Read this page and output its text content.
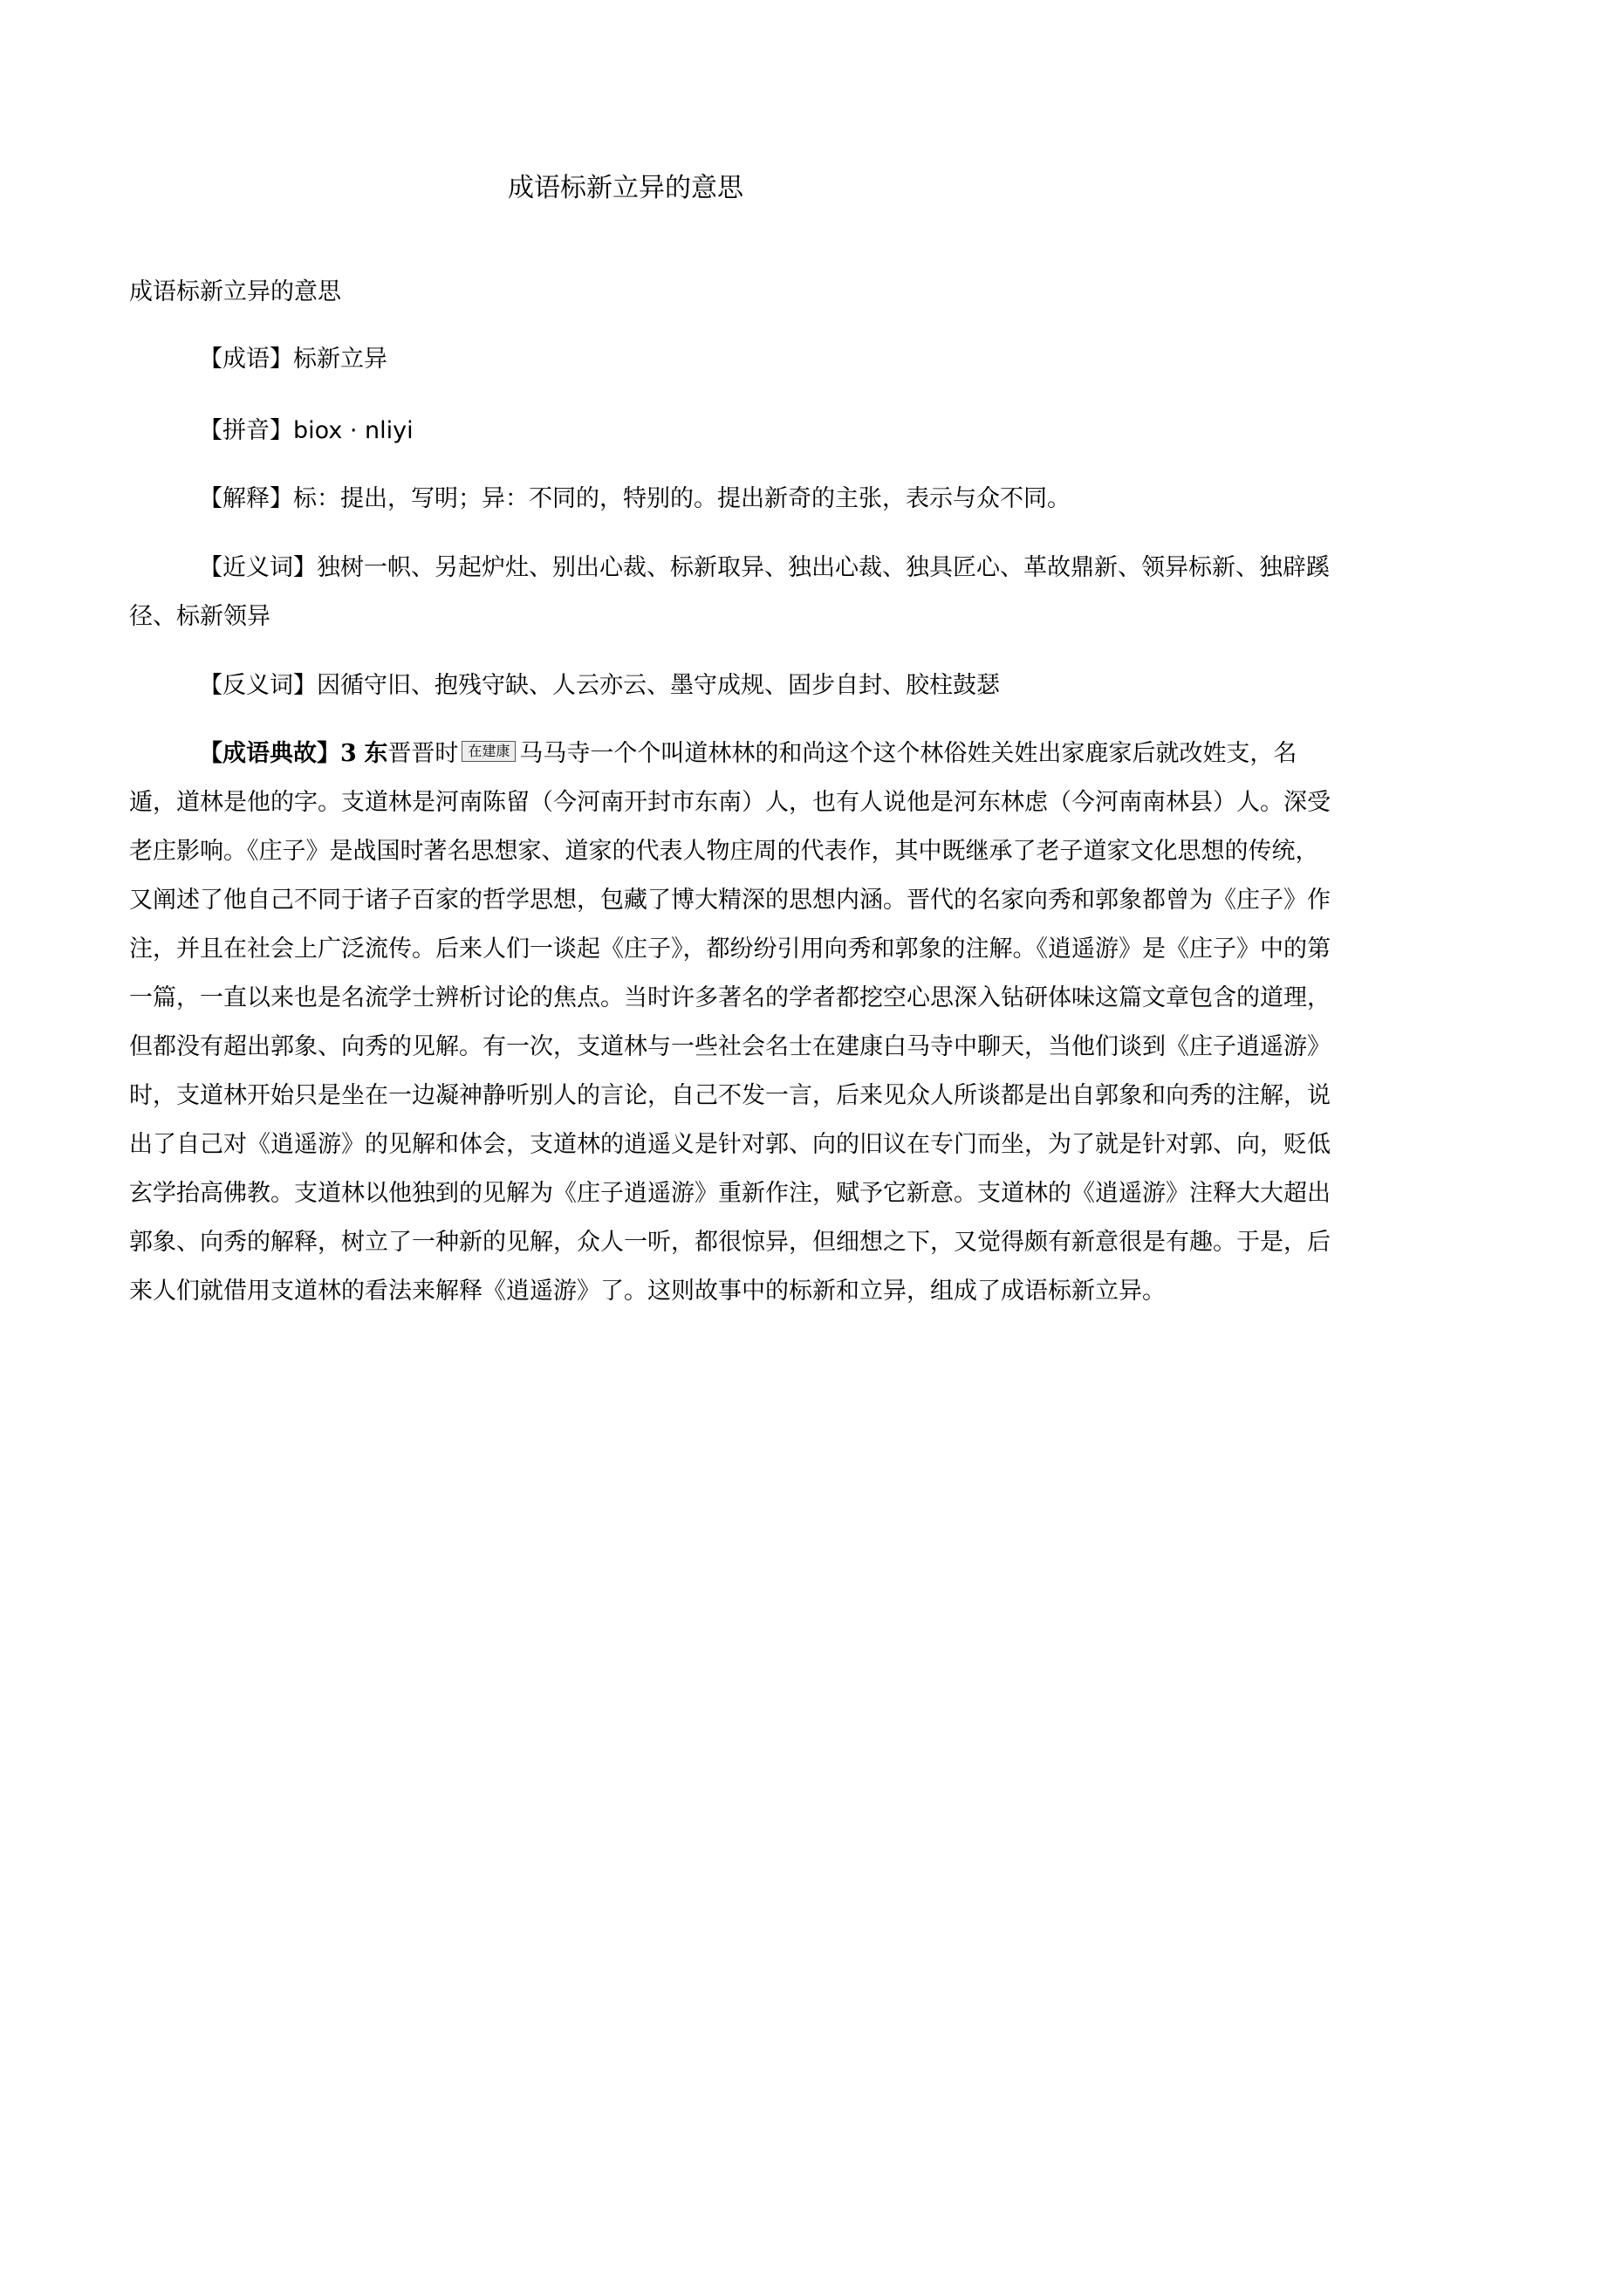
成语标新立异的意思
成语标新立异的意思

【成语】标新立异

【拼音】biox · nliyi

【解释】标：提出，写明；异：不同的，特别的。提出新奇的主张，表示与众不同。

【近义词】独树一帜、另起炉灶、别出心裁、标新取异、独出心裁、独具匠心、革故鼎新、领异标新、独辟蹊径、标新领异

【反义词】因循守旧、抱残守缺、人云亦云、墨守成规、固步自封、胶柱鼓瑟

【成语典故】3 东晋晋时 在建康 马马寺一个个叫道林林的和尚这个这个林俗姓关姓出家鹿家后就改姓支，名遁，道林是他的字。支道林是河南陈留（今河南开封市东南）人，也有人说他是河东林虑（今河南南林县）人。深受老庄影响。《庄子》是战国时著名思想家、道家的代表人物庄周的代表作，其中既继承了老子道家文化思想的传统，又阐述了他自己不同于诸子百家的哲学思想，包藏了博大精深的思想内涵。晋代的名家向秀和郭象都曾为《庄子》作注，并且在社会上广泛流传。后来人们一谈起《庄子》，都纷纷引用向秀和郭象的注解。《逍遥游》是《庄子》中的第一篇，一直以来也是名流学士辨析讨论的焦点。当时许多著名的学者都挖空心思深入钻研体味这篇文章包含的道理，但都没有超出郭象、向秀的见解。有一次，支道林与一些社会名士在建康白马寺中聊天，当他们谈到《庄子逍遥游》时，支道林开始只是坐在一边凝神静听别人的言论，自己不发一言，后来见众人所谈都是出自郭象和向秀的注解，说出了自己对《逍遥游》的见解和体会，支道林的逍遥义是针对郭、向的旧议在专门而坐，为了就是针对郭、向，贬低玄学抬高佛教。支道林以他独到的见解为《庄子逍遥游》重新作注，赋予它新意。支道林的《逍遥游》注释大大超出郭象、向秀的解释，树立了一种新的见解，众人一听，都很惊异，但细想之下，又觉得颇有新意很是有趣。于是，后来人们就借用支道林的看法来解释《逍遥游》了。这则故事中的标新和立异，组成了成语标新立异。
